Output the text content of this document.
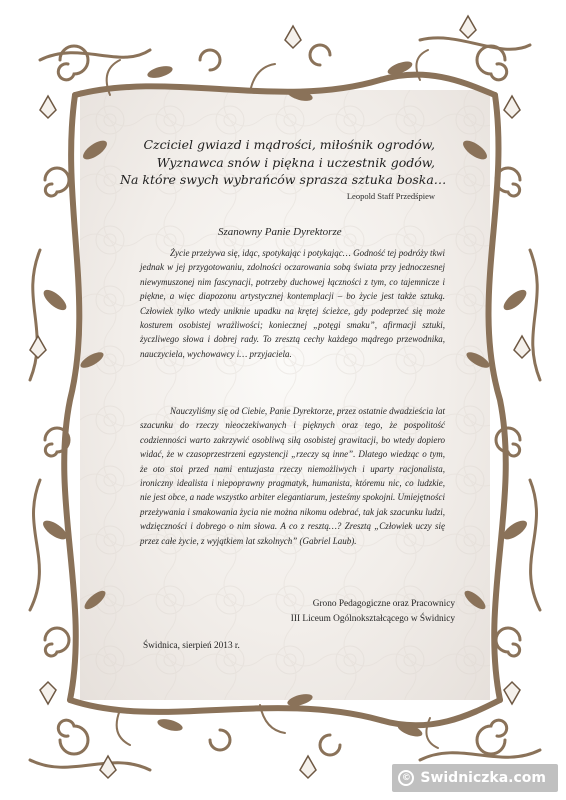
Czciciel gwiazd i mądrości, miłośnik ogrodów,
Wyznawca snów i piękna i uczestnik godów,
Na które swych wybrańców sprasza sztuka boska…
Leopold Staff Przedśpiew
Szanowny Panie Dyrektorze
Życie przeżywa się, idąc, spotykając i potykając… Godność tej podróży tkwi jednak w jej przygotowaniu, zdolności oczarowania sobą świata przy jednoczesnej niewymuszonej nim fascynacji, potrzeby duchowej łączności z tym, co tajemnicze i piękne, a więc diapozonu artystycznej kontemplacji – bo życie jest także sztuką. Człowiek tylko wtedy uniknie upadku na krętej ścieżce, gdy podeprzeć się może kosturem osobistej wrażliwości; koniecznej „potęgi smaku”, afirmacji sztuki, życzliwego słowa i dobrej rady. To zresztą cechy każdego mądrego przewodnika, nauczyciela, wychowawcy i… przyjaciela.
Nauczyliśmy się od Ciebie, Panie Dyrektorze, przez ostatnie dwadzieścia lat szacunku do rzeczy nieoczekiwanych i pięknych oraz tego, że pospolitość codzienności warto zakrzywić osobliwą siłą osobistej grawitacji, bo wtedy dopiero widać, że w czasoprzestrzeni egzystencji „rzeczy są inne”. Dlatego wiedząc o tym, że oto stoi przed nami entuzjasta rzeczy niemożliwych i uparty racjonalista, ironiczny idealista i niepoprawny pragmatyk, humanista, któremu nic, co ludzkie, nie jest obce, a nade wszystko arbiter elegantiarum, jesteśmy spokojni. Umiejętności przeżywania i smakowania życia nie można nikomu odebrać, tak jak szacunku ludzi, wdzięczności i dobrego o nim słowa. A co z resztą…? Zresztą „Człowiek uczy się przez całe życie, z wyjątkiem lat szkolnych” (Gabriel Laub).
Grono Pedagogiczne oraz Pracownicy
III Liceum Ogólnokształcącego w Świdnicy
Świdnica, sierpień 2013 r.
© Swidniczka.com
